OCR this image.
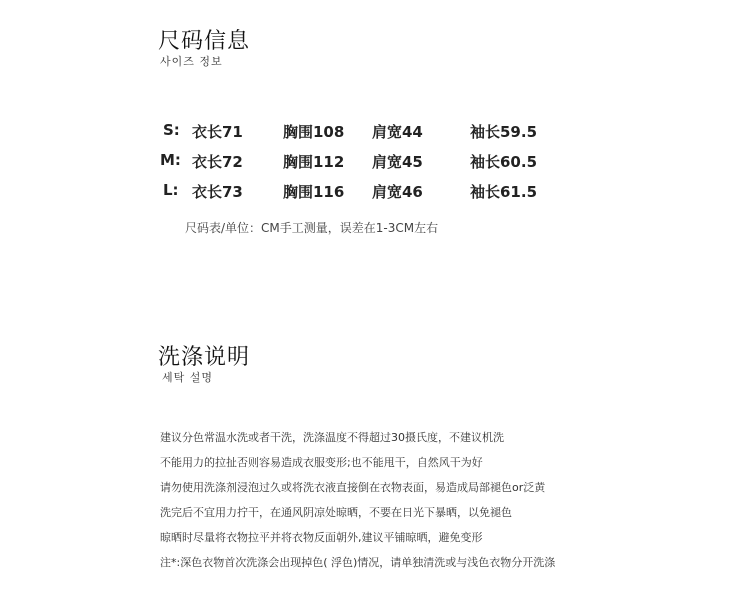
尺码信息
사이즈 정보
S: 衣长71	胸围108 肩宽44	袖长59.5
M: 衣长72	胸围112 肩宽45	袖长60.5
L: 衣长73	胸围116 肩宽46	袖长61.5
尺码表/单位：CM手工测量，误差在1-3CM左右
洗涤说明
세탁 설명
建议分色常温水洗或者干洗，洗涤温度不得超过30摄氏度，不建议机洗
不能用力的拉扯否则容易造成衣服变形;也不能甩干，自然风干为好
请勿使用洗涤剂浸泡过久或将洗衣液直接倒在衣物表面，易造成局部褪色or泛黄
洗完后不宜用力拧干，在通风阴凉处晾晒，不要在日光下暴晒，以免褪色
晾晒时尽量将衣物拉平并将衣物反面朝外,建议平铺晾晒，避免变形
注*:深色衣物首次洗涤会出现掉色( 浮色)情况，请单独清洗或与浅色衣物分开洗涤
